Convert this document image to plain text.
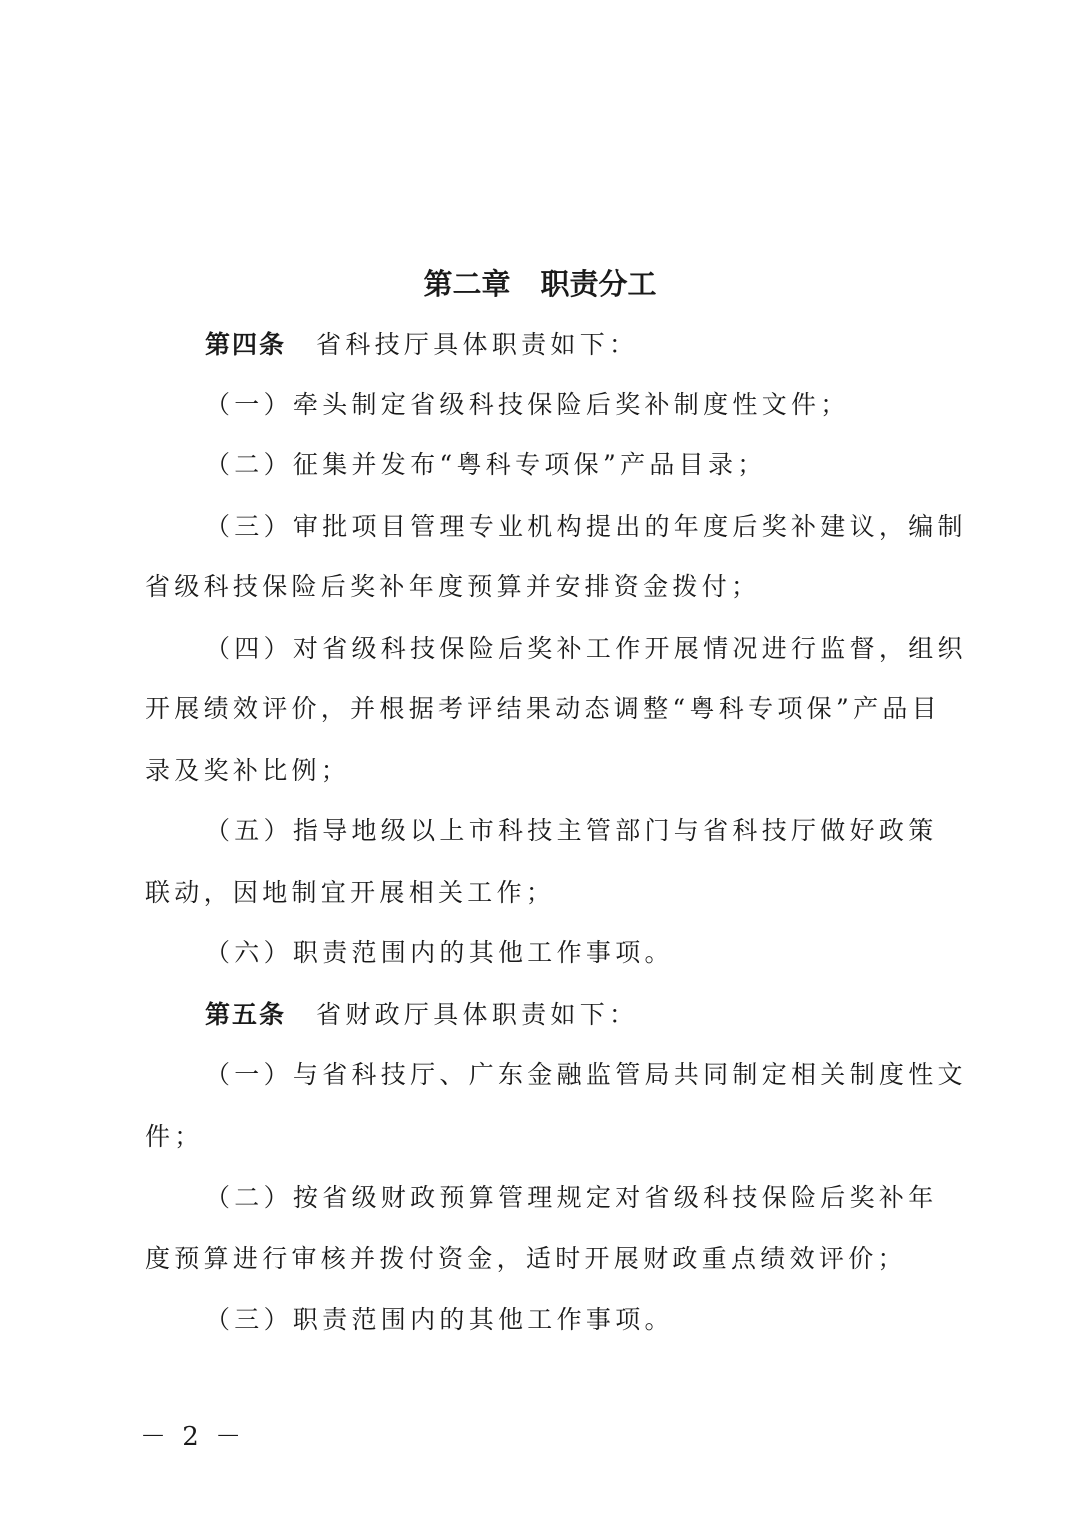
第二章 职责分工
第四条 省科技厅具体职责如下：
（一）牵头制定省级科技保险后奖补制度性文件；
（二）征集并发布“粤科专项保”产品目录；
（三）审批项目管理专业机构提出的年度后奖补建议，编制
省级科技保险后奖补年度预算并安排资金拨付；
（四）对省级科技保险后奖补工作开展情况进行监督，组织
开展绩效评价，并根据考评结果动态调整“粤科专项保”产品目
录及奖补比例；
（五）指导地级以上市科技主管部门与省科技厅做好政策
联动，因地制宜开展相关工作；
（六）职责范围内的其他工作事项。
第五条 省财政厅具体职责如下：
（一）与省科技厅、广东金融监管局共同制定相关制度性文
件；
（二）按省级财政预算管理规定对省级科技保险后奖补年
度预算进行审核并拨付资金，适时开展财政重点绩效评价；
（三）职责范围内的其他工作事项。
－ 2 －
